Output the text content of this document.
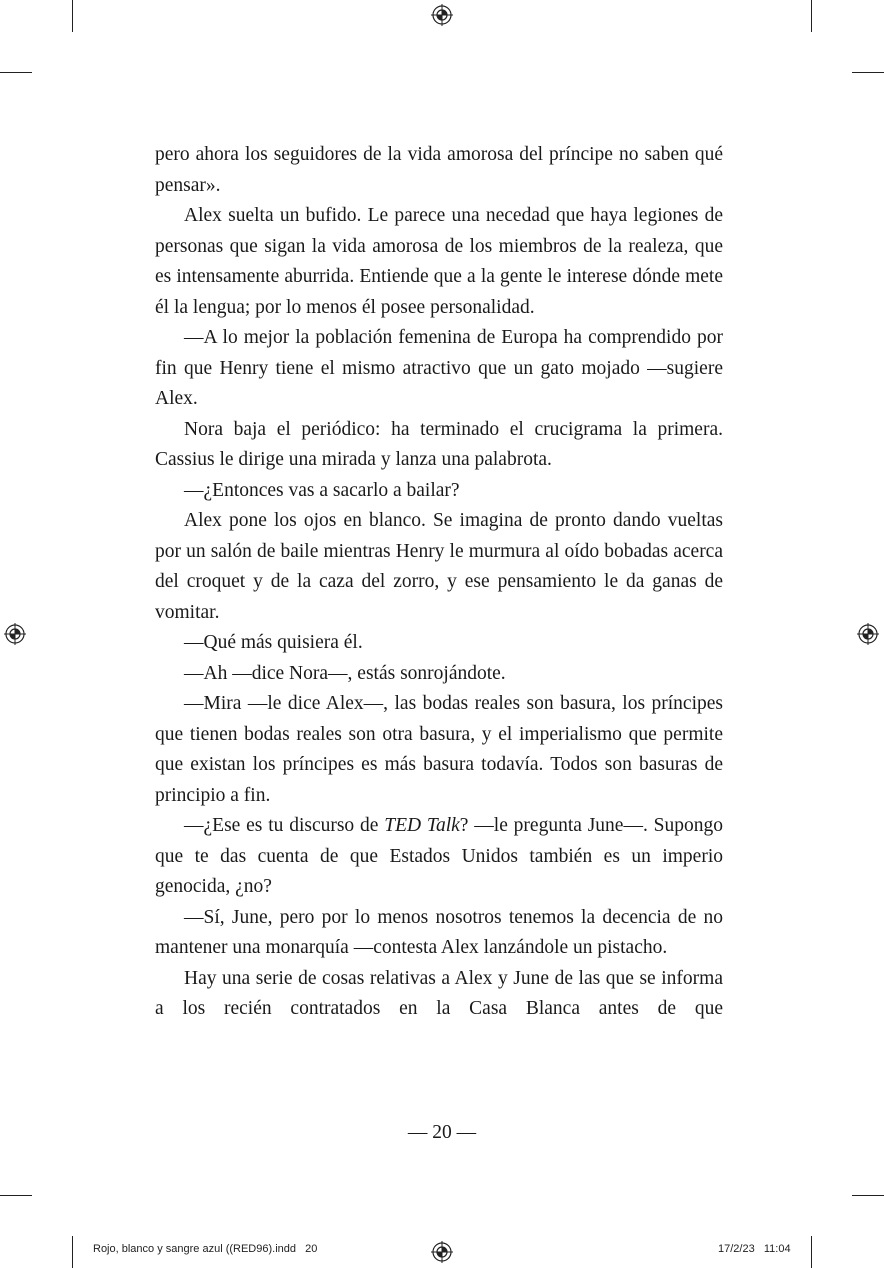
pero ahora los seguidores de la vida amorosa del príncipe no saben qué pensar».

Alex suelta un bufido. Le parece una necedad que haya legiones de personas que sigan la vida amorosa de los miembros de la realeza, que es intensamente aburrida. Entiende que a la gente le interese dónde mete él la lengua; por lo menos él posee personalidad.

—A lo mejor la población femenina de Europa ha comprendido por fin que Henry tiene el mismo atractivo que un gato mojado —sugiere Alex.

Nora baja el periódico: ha terminado el crucigrama la primera. Cassius le dirige una mirada y lanza una palabrota.

—¿Entonces vas a sacarlo a bailar?

Alex pone los ojos en blanco. Se imagina de pronto dando vueltas por un salón de baile mientras Henry le murmura al oído bobadas acerca del croquet y de la caza del zorro, y ese pensamiento le da ganas de vomitar.

—Qué más quisiera él.

—Ah —dice Nora—, estás sonrojándote.

—Mira —le dice Alex—, las bodas reales son basura, los príncipes que tienen bodas reales son otra basura, y el imperialismo que permite que existan los príncipes es más basura todavía. Todos son basuras de principio a fin.

—¿Ese es tu discurso de TED Talk? —le pregunta June—. Supongo que te das cuenta de que Estados Unidos también es un imperio genocida, ¿no?

—Sí, June, pero por lo menos nosotros tenemos la decencia de no mantener una monarquía —contesta Alex lanzándole un pistacho.

Hay una serie de cosas relativas a Alex y June de las que se informa a los recién contratados en la Casa Blanca antes de que

— 20 —
Rojo, blanco y sangre azul ((RED96).indd   20	17/2/23   11:04
